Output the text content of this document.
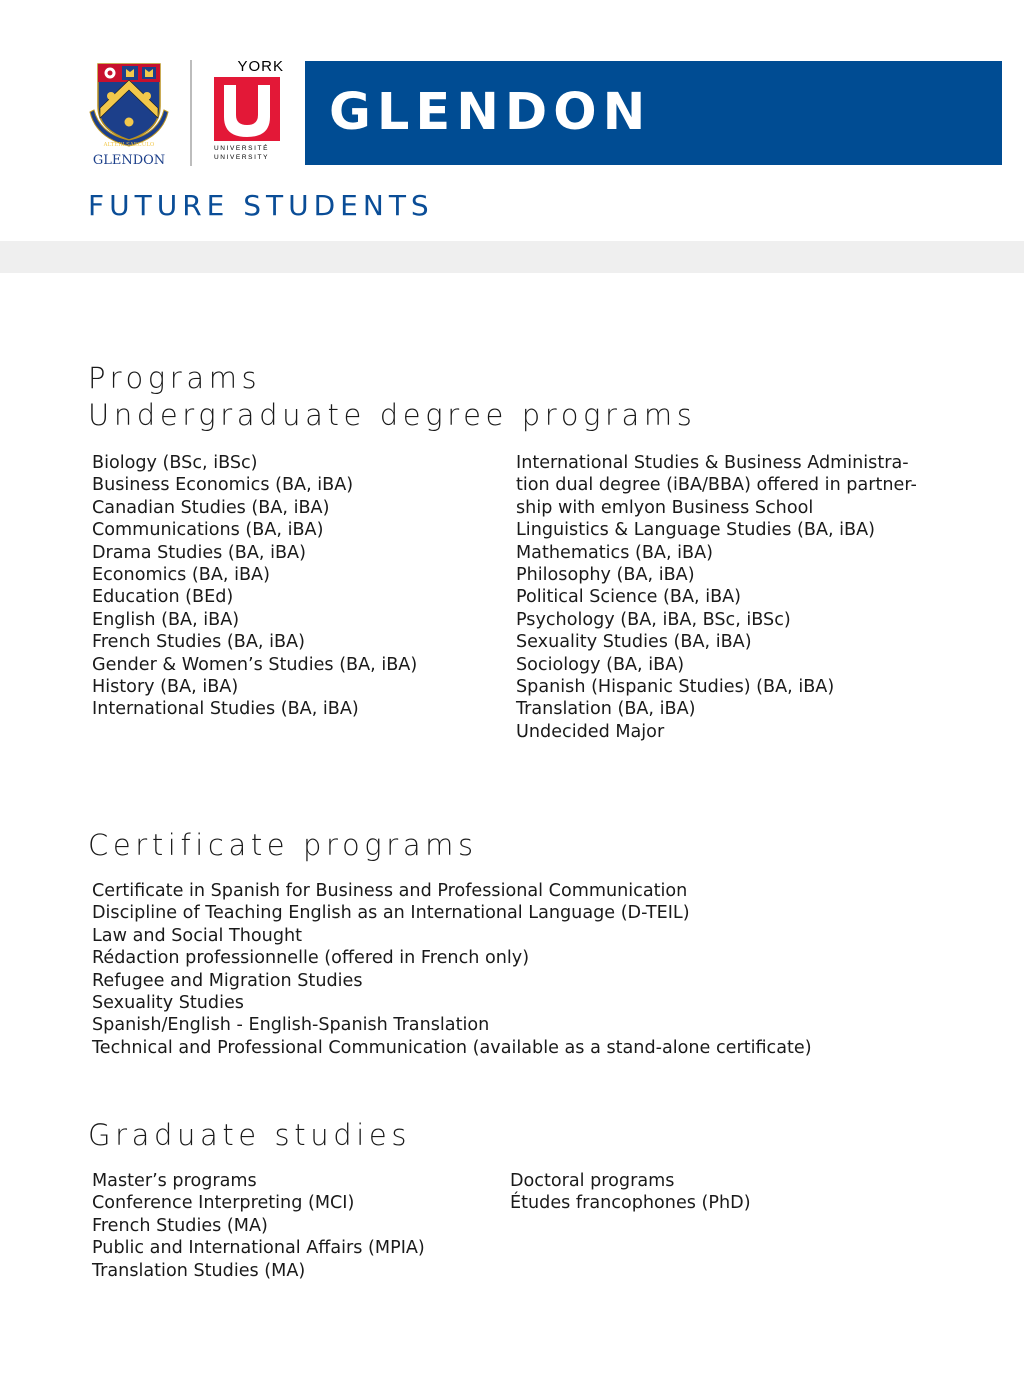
ALTERI SAECULO
GLENDON
YORK
UNIVERSITÉ
UNIVERSITY
GLENDON
FUTURE STUDENTS
Programs
Undergraduate degree programs
Biology (BSc, iBSc)
Business Economics (BA, iBA)
Canadian Studies (BA, iBA)
Communications (BA, iBA)
Drama Studies (BA, iBA)
Economics (BA, iBA)
Education (BEd)
English (BA, iBA)
French Studies (BA, iBA)
Gender & Women’s Studies (BA, iBA)
History (BA, iBA)
International Studies (BA, iBA)
International Studies & Business Administra-
tion dual degree (iBA/BBA) offered in partner-
ship with emlyon Business School
Linguistics & Language Studies (BA, iBA)
Mathematics (BA, iBA)
Philosophy (BA, iBA)
Political Science (BA, iBA)
Psychology (BA, iBA, BSc, iBSc)
Sexuality Studies (BA, iBA)
Sociology (BA, iBA)
Spanish (Hispanic Studies) (BA, iBA)
Translation (BA, iBA)
Undecided Major
Certificate programs
Certificate in Spanish for Business and Professional Communication
Discipline of Teaching English as an International Language (D-TEIL)
Law and Social Thought
Rédaction professionnelle (offered in French only)
Refugee and Migration Studies
Sexuality Studies
Spanish/English - English-Spanish Translation
Technical and Professional Communication (available as a stand-alone certificate)
Graduate studies
Master’s programs
Conference Interpreting (MCI)
French Studies (MA)
Public and International Affairs (MPIA)
Translation Studies (MA)
Doctoral programs
Études francophones (PhD)
